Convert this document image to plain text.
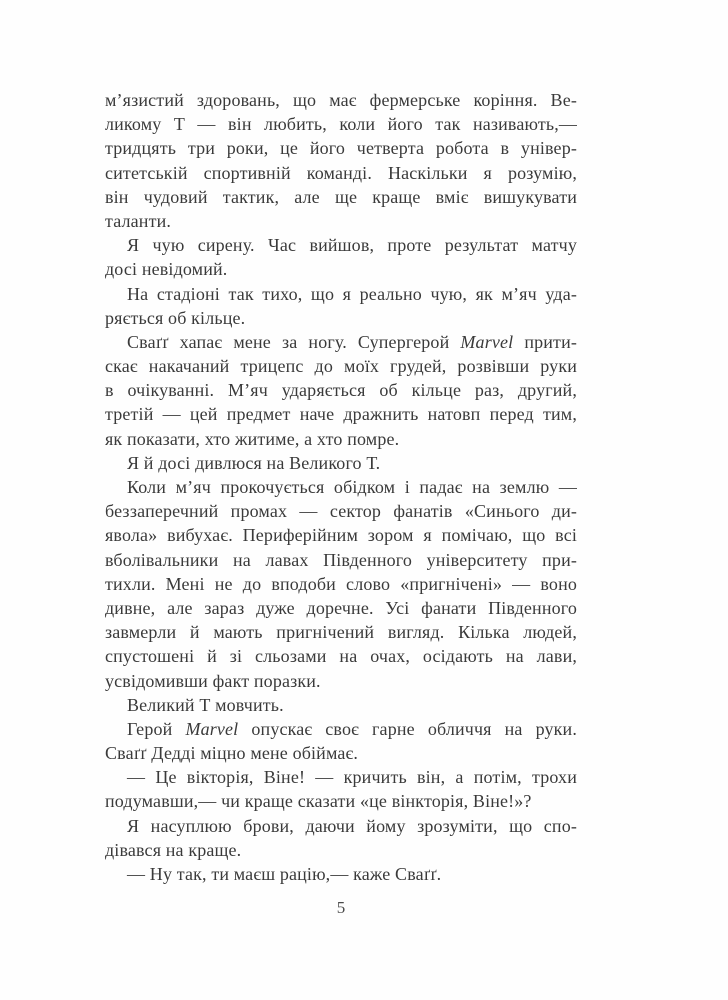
м’язистий здоровань, що має фермерське коріння. Ве-
ликому Т — він любить, коли його так називають,—
тридцять три роки, це його четверта робота в універ-
ситетській спортивній команді. Наскільки я розумію,
він чудовий тактик, але ще краще вміє вишукувати
таланти.
Я чую сирену. Час вийшов, проте результат матчу
досі невідомий.
На стадіоні так тихо, що я реально чую, як м’яч уда-
ряється об кільце.
Сваґґ хапає мене за ногу. Супергерой Marvel прити-
скає накачаний трицепс до моїх грудей, розвівши руки
в очікуванні. М’яч ударяється об кільце раз, другий,
третій — цей предмет наче дражнить натовп перед тим,
як показати, хто житиме, а хто помре.
Я й досі дивлюся на Великого Т.
Коли м’яч прокочується обідком і падає на землю —
беззаперечний промах — сектор фанатів «Синього ди-
явола» вибухає. Периферійним зором я помічаю, що всі
вболівальники на лавах Південного університету при-
тихли. Мені не до вподоби слово «пригнічені» — воно
дивне, але зараз дуже доречне. Усі фанати Південного
завмерли й мають пригнічений вигляд. Кілька людей,
спустошені й зі сльозами на очах, осідають на лави,
усвідомивши факт поразки.
Великий Т мовчить.
Герой Marvel опускає своє гарне обличчя на руки.
Сваґґ Дедді міцно мене обіймає.
— Це вікторія, Віне! — кричить він, а потім, трохи
подумавши,— чи краще сказати «це вінкторія, Віне!»?
Я насуплюю брови, даючи йому зрозуміти, що спо-
дівався на краще.
— Ну так, ти маєш рацію,— каже Сваґґ.
5
